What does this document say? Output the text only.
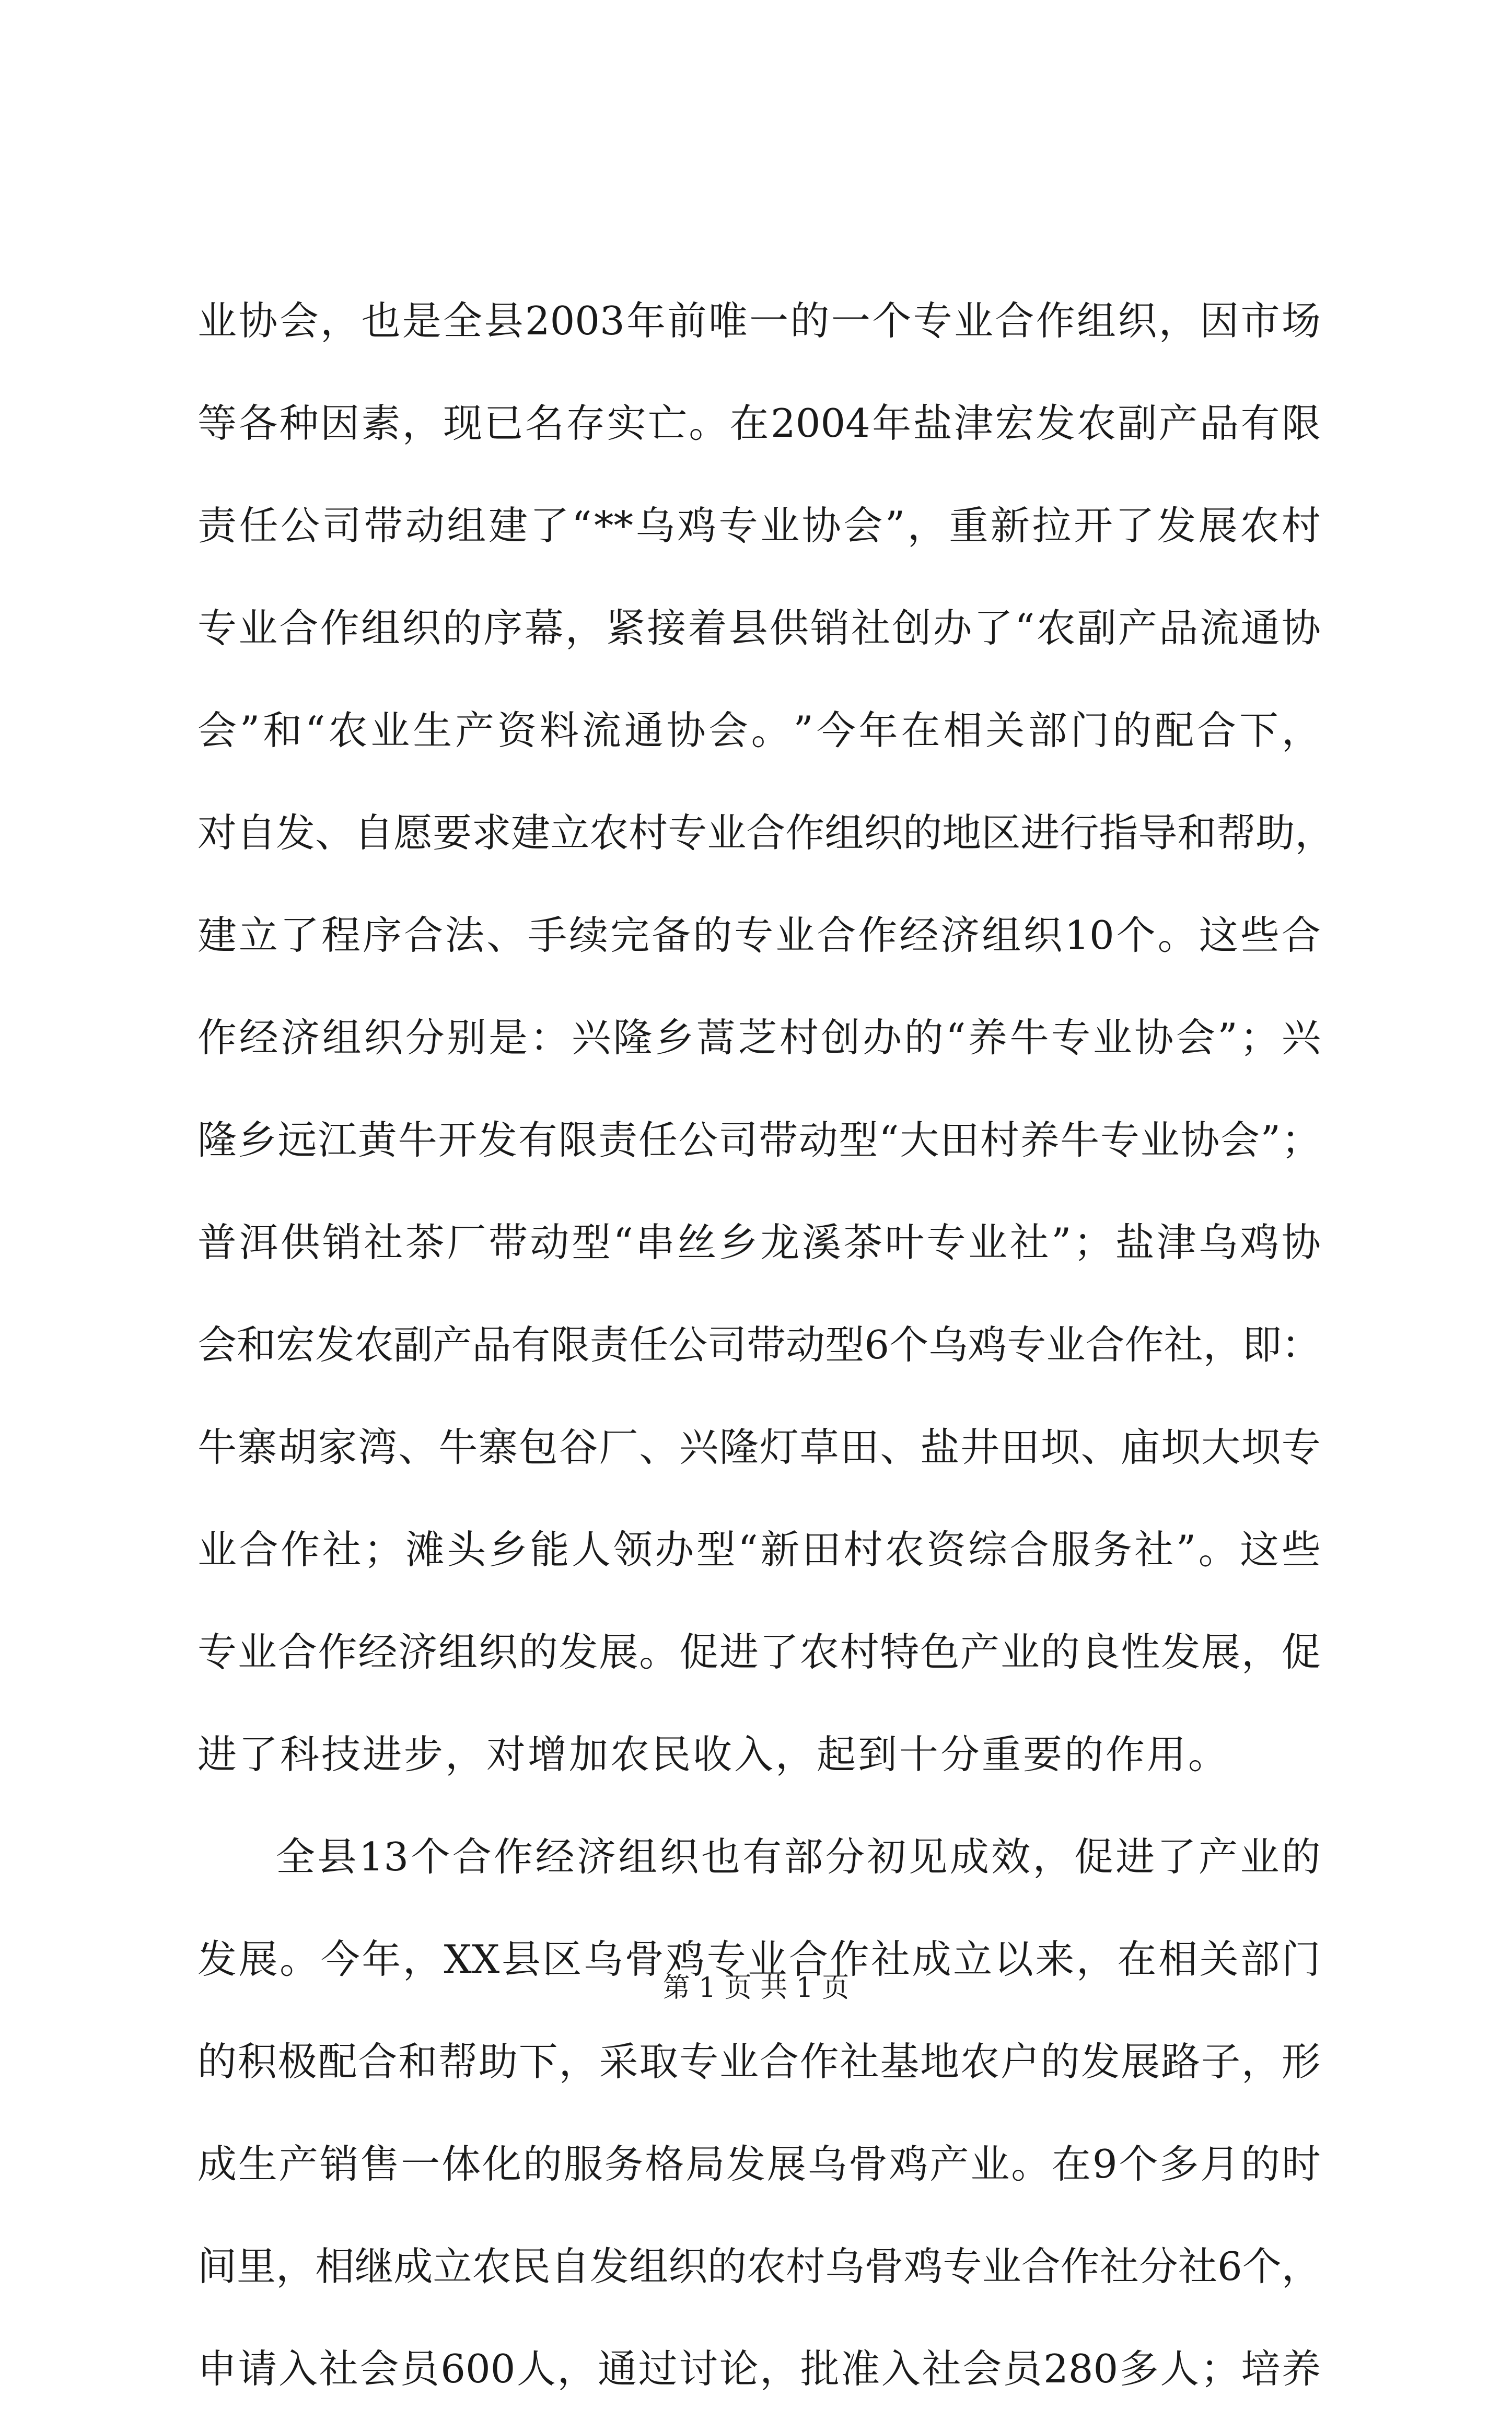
业 协 会 ， 也 是 全 县 2003 年 前 唯 一 的 一 个 专 业 合 作 组 织 ， 因 市 场
等 各 种 因 素 ， 现 已 名 存 实 亡 。 在 2004 年 盐 津 宏 发 农 副 产 品 有 限
责 任 公 司 带 动 组 建 了 “ ** 乌 鸡 专 业 协 会 ” ， 重 新 拉 开 了 发 展 农 村
专 业 合 作 组 织 的 序 幕 ， 紧 接 着 县 供 销 社 创 办 了 “ 农 副 产 品 流 通 协
会 ” 和 “ 农 业 生 产 资 料 流 通 协 会 。 ” 今 年 在 相 关 部 门 的 配 合 下 ，
对 自 发 、 自 愿 要 求 建 立 农 村 专 业 合 作 组 织 的 地 区 进 行 指 导 和 帮 助 ，
建 立 了 程 序 合 法 、 手 续 完 备 的 专 业 合 作 经 济 组 织 10 个 。 这 些 合
作 经 济 组 织 分 别 是 ： 兴 隆 乡 蒿 芝 村 创 办 的 “ 养 牛 专 业 协 会 ” ； 兴
隆 乡 远 江 黄 牛 开 发 有 限 责 任 公 司 带 动 型 “ 大 田 村 养 牛 专 业 协 会 ” ；
普 洱 供 销 社 茶 厂 带 动 型 “ 串 丝 乡 龙 溪 茶 叶 专 业 社 ” ； 盐 津 乌 鸡 协
会 和 宏 发 农 副 产 品 有 限 责 任 公 司 带 动 型 6 个 乌 鸡 专 业 合 作 社 ， 即 ：
牛 寨 胡 家 湾 、 牛 寨 包 谷 厂 、 兴 隆 灯 草 田 、 盐 井 田 坝 、 庙 坝 大 坝 专
业 合 作 社 ； 滩 头 乡 能 人 领 办 型 “ 新 田 村 农 资 综 合 服 务 社 ” 。 这 些
专 业 合 作 经 济 组 织 的 发 展 。 促 进 了 农 村 特 色 产 业 的 良 性 发 展 ， 促
进了科技进步，对增加农民收入，起到十分重要的作用。
全 县 13 个 合 作 经 济 组 织 也 有 部 分 初 见 成 效 ， 促 进 了 产 业 的
发 展 。 今 年 ， XX 县 区 乌 骨 鸡 专 业 合 作 社 成 立 以 来 ， 在 相 关 部 门
的 积 极 配 合 和 帮 助 下 ， 采 取 专 业 合 作 社 基 地 农 户 的 发 展 路 子 ， 形
成 生 产 销 售 一 体 化 的 服 务 格 局 发 展 乌 骨 鸡 产 业 。 在 9 个 多 月 的 时
间 里 ， 相 继 成 立 农 民 自 发 组 织 的 农 村 乌 骨 鸡 专 业 合 作 社 分 社 6 个 ，
申 请 入 社 会 员 600 人 ， 通 过 讨 论 ， 批 准 入 社 会 员 280 多 人 ； 培 养
第 1 页 共 1 页
